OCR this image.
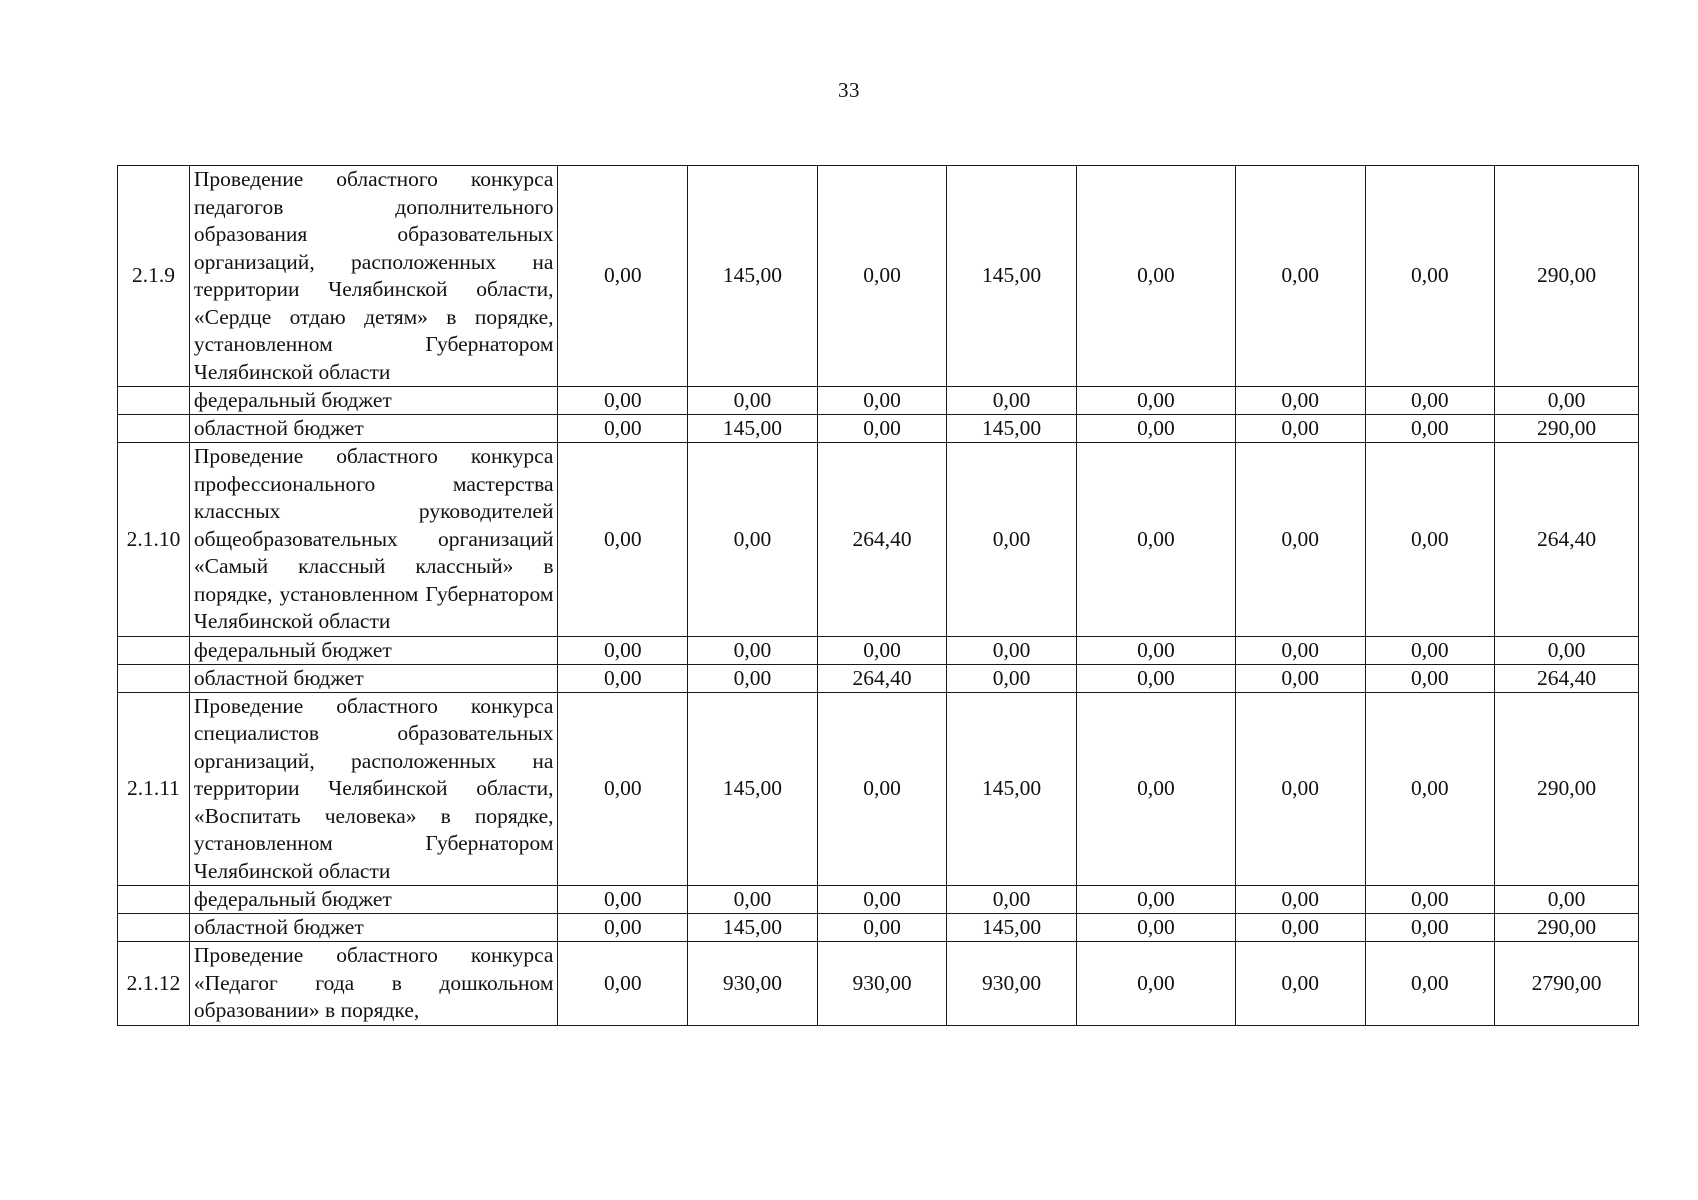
33
2.1.9	Проведение областного конкурса педагогов дополнительного образования образовательных организаций, расположенных на территории Челябинской области, «Сердце отдаю детям» в порядке, установленном Губернатором Челябинской области	0,00	145,00	0,00	145,00	0,00	0,00	0,00	290,00
	федеральный бюджет	0,00	0,00	0,00	0,00	0,00	0,00	0,00	0,00
	областной бюджет	0,00	145,00	0,00	145,00	0,00	0,00	0,00	290,00
2.1.10	Проведение областного конкурса профессионального мастерства классных руководителей общеобразовательных организаций «Самый классный классный» в порядке, установленном Губернатором Челябинской области	0,00	0,00	264,40	0,00	0,00	0,00	0,00	264,40
	федеральный бюджет	0,00	0,00	0,00	0,00	0,00	0,00	0,00	0,00
	областной бюджет	0,00	0,00	264,40	0,00	0,00	0,00	0,00	264,40
2.1.11	Проведение областного конкурса специалистов образовательных организаций, расположенных на территории Челябинской области, «Воспитать человека» в порядке, установленном Губернатором Челябинской области	0,00	145,00	0,00	145,00	0,00	0,00	0,00	290,00
	федеральный бюджет	0,00	0,00	0,00	0,00	0,00	0,00	0,00	0,00
	областной бюджет	0,00	145,00	0,00	145,00	0,00	0,00	0,00	290,00
2.1.12	Проведение областного конкурса «Педагог года в дошкольном образовании» в порядке,	0,00	930,00	930,00	930,00	0,00	0,00	0,00	2790,00
